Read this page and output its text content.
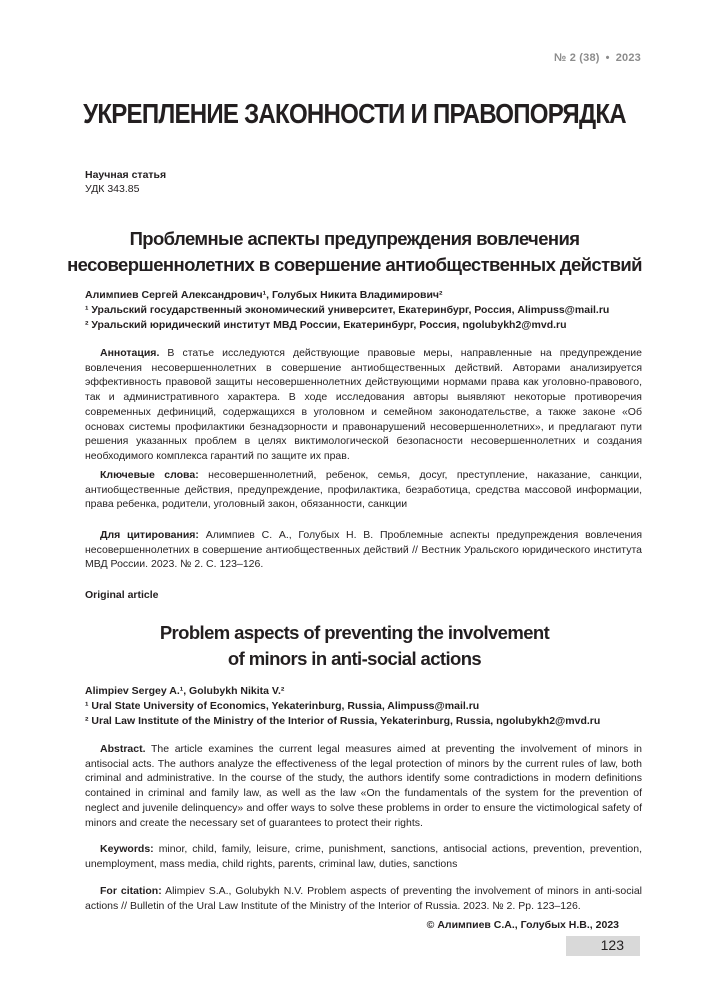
№ 2 (38) • 2023
УКРЕПЛЕНИЕ ЗАКОННОСТИ И ПРАВОПОРЯДКА
Научная статья
УДК 343.85
Проблемные аспекты предупреждения вовлечения
несовершеннолетних в совершение антиобщественных действий
Алимпиев Сергей Александрович¹, Голубых Никита Владимирович²
¹ Уральский государственный экономический университет, Екатеринбург, Россия, Alimpuss@mail.ru
² Уральский юридический институт МВД России, Екатеринбург, Россия, ngolubykh2@mvd.ru
Аннотация. В статье исследуются действующие правовые меры, направленные на предупреждение вовлечения несовершеннолетних в совершение антиобщественных действий. Авторами анализируется эффективность правовой защиты несовершеннолетних действующими нормами права как уголовно-правового, так и административного характера. В ходе исследования авторы выявляют некоторые противоречия современных дефиниций, содержащихся в уголовном и семейном законодательстве, а также законе «Об основах системы профилактики безнадзорности и правонарушений несовершеннолетних», и предлагают пути решения указанных проблем в целях виктимологической безопасности несовершеннолетних и создания необходимого комплекса гарантий по защите их прав.
Ключевые слова: несовершеннолетний, ребенок, семья, досуг, преступление, наказание, санкции, антиобщественные действия, предупреждение, профилактика, безработица, средства массовой информации, права ребенка, родители, уголовный закон, обязанности, санкции
Для цитирования: Алимпиев С. А., Голубых Н. В. Проблемные аспекты предупреждения вовлечения несовершеннолетних в совершение антиобщественных действий // Вестник Уральского юридического института МВД России. 2023. № 2. С. 123–126.
Original article
Problem aspects of preventing the involvement
of minors in anti-social actions
Alimpiev Sergey A.¹, Golubykh Nikita V.²
¹ Ural State University of Economics, Yekaterinburg, Russia, Alimpuss@mail.ru
² Ural Law Institute of the Ministry of the Interior of Russia, Yekaterinburg, Russia, ngolubykh2@mvd.ru
Abstract. The article examines the current legal measures aimed at preventing the involvement of minors in antisocial acts. The authors analyze the effectiveness of the legal protection of minors by the current rules of law, both criminal and administrative. In the course of the study, the authors identify some contradictions in modern definitions contained in criminal and family law, as well as the law «On the fundamentals of the system for the prevention of neglect and juvenile delinquency» and offer ways to solve these problems in order to ensure the victimological safety of minors and create the necessary set of guarantees to protect their rights.
Keywords: minor, child, family, leisure, crime, punishment, sanctions, antisocial actions, prevention, prevention, unemployment, mass media, child rights, parents, criminal law, duties, sanctions
For citation: Alimpiev S.A., Golubykh N.V. Problem aspects of preventing the involvement of minors in anti-social actions // Bulletin of the Ural Law Institute of the Ministry of the Interior of Russia. 2023. № 2. Pp. 123–126.
© Алимпиев С.А., Голубых Н.В., 2023
123
